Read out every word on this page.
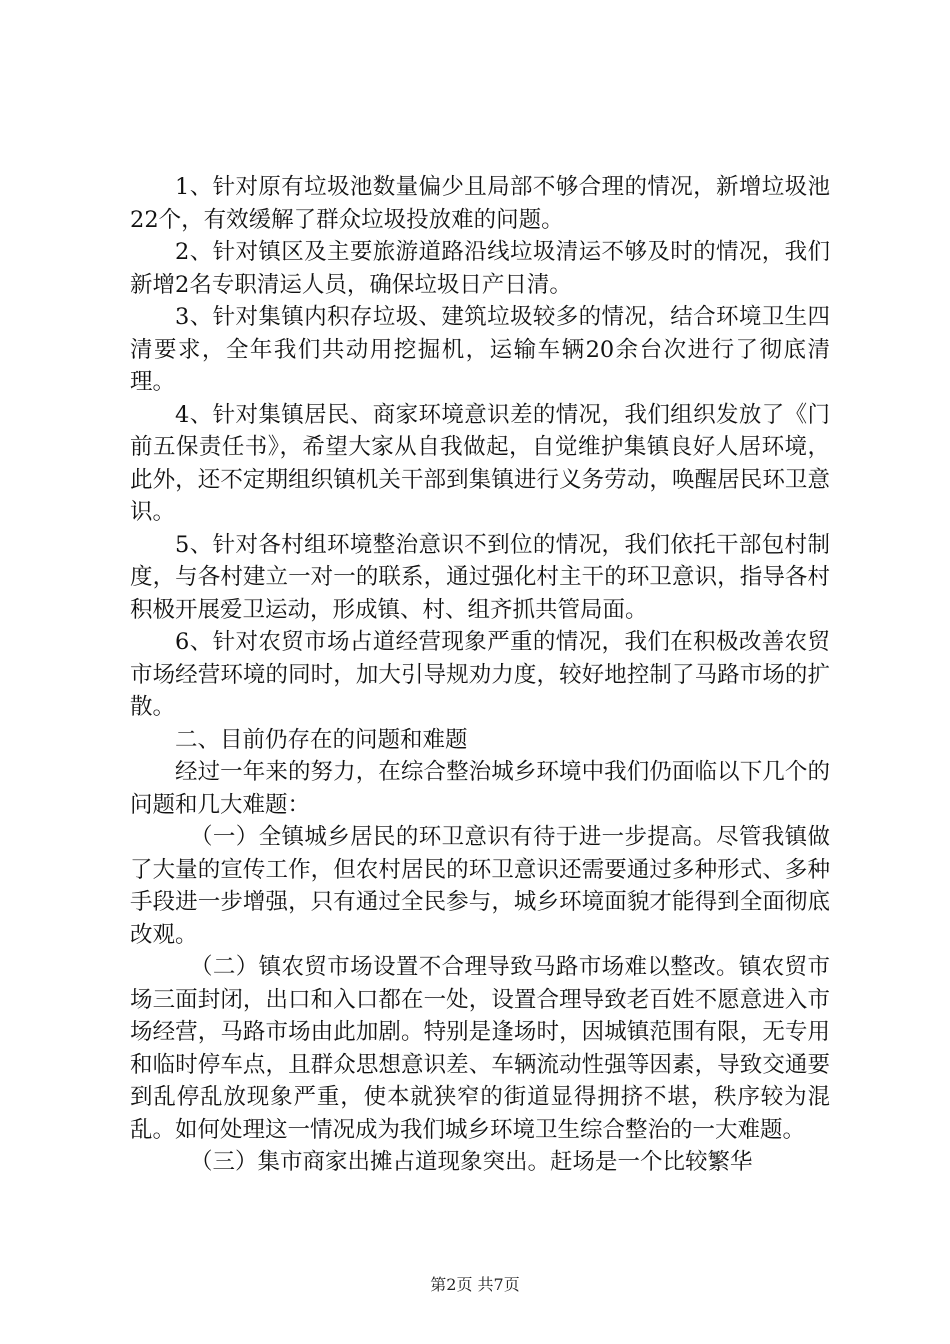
1、针对原有垃圾池数量偏少且局部不够合理的情况，新增垃圾池22个，有效缓解了群众垃圾投放难的问题。

2、针对镇区及主要旅游道路沿线垃圾清运不够及时的情况，我们新增2名专职清运人员，确保垃圾日产日清。

3、针对集镇内积存垃圾、建筑垃圾较多的情况，结合环境卫生四清要求，全年我们共动用挖掘机，运输车辆20余台次进行了彻底清理。

4、针对集镇居民、商家环境意识差的情况，我们组织发放了《门前五保责任书》，希望大家从自我做起，自觉维护集镇良好人居环境，此外，还不定期组织镇机关干部到集镇进行义务劳动，唤醒居民环卫意识。

5、针对各村组环境整治意识不到位的情况，我们依托干部包村制度，与各村建立一对一的联系，通过强化村主干的环卫意识，指导各村积极开展爱卫运动，形成镇、村、组齐抓共管局面。

6、针对农贸市场占道经营现象严重的情况，我们在积极改善农贸市场经营环境的同时，加大引导规劝力度，较好地控制了马路市场的扩散。

二、目前仍存在的问题和难题

经过一年来的努力，在综合整治城乡环境中我们仍面临以下几个的问题和几大难题：

（一）全镇城乡居民的环卫意识有待于进一步提高。尽管我镇做了大量的宣传工作，但农村居民的环卫意识还需要通过多种形式、多种手段进一步增强，只有通过全民参与，城乡环境面貌才能得到全面彻底改观。

（二）镇农贸市场设置不合理导致马路市场难以整改。镇农贸市场三面封闭，出口和入口都在一处，设置合理导致老百姓不愿意进入市场经营，马路市场由此加剧。特别是逢场时，因城镇范围有限，无专用和临时停车点，且群众思想意识差、车辆流动性强等因素，导致交通要到乱停乱放现象严重，使本就狭窄的街道显得拥挤不堪，秩序较为混乱。如何处理这一情况成为我们城乡环境卫生综合整治的一大难题。

（三）集市商家出摊占道现象突出。赶场是一个比较繁华

第2页 共7页
